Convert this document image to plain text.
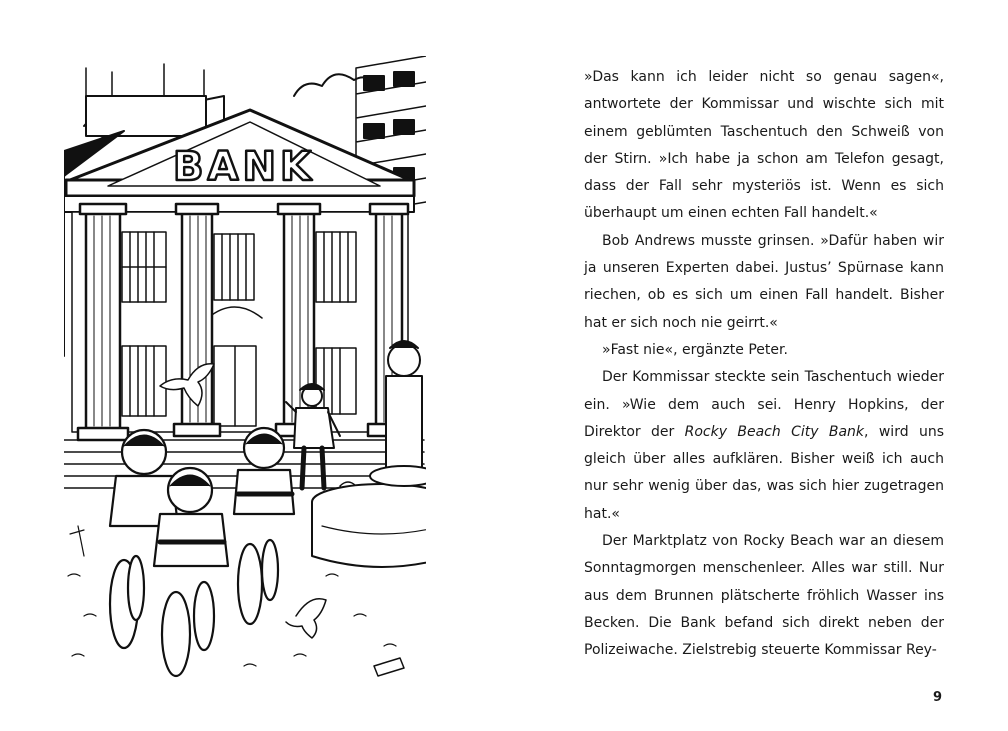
BANK

»Das kann ich leider nicht so genau sagen«, antwortete der Kommissar und wischte sich mit einem geblümten Taschentuch den Schweiß von der Stirn. »Ich habe ja schon am Telefon gesagt, dass der Fall sehr mysteriös ist. Wenn es sich überhaupt um einen echten Fall handelt.«

Bob Andrews musste grinsen. »Dafür haben wir ja unseren Experten dabei. Justus’ Spürnase kann riechen, ob es sich um einen Fall handelt. Bisher hat er sich noch nie geirrt.«

»Fast nie«, ergänzte Peter.

Der Kommissar steckte sein Taschentuch wieder ein. »Wie dem auch sei. Henry Hopkins, der Direktor der Rocky Beach City Bank, wird uns gleich über alles aufklären. Bisher weiß ich auch nur sehr wenig über das, was sich hier zugetragen hat.«

Der Marktplatz von Rocky Beach war an diesem Sonntagmorgen menschenleer. Alles war still. Nur aus dem Brunnen plätscherte fröhlich Wasser ins Becken. Die Bank befand sich direkt neben der Polizeiwache. Zielstrebig steuerte Kommissar Rey-

9
